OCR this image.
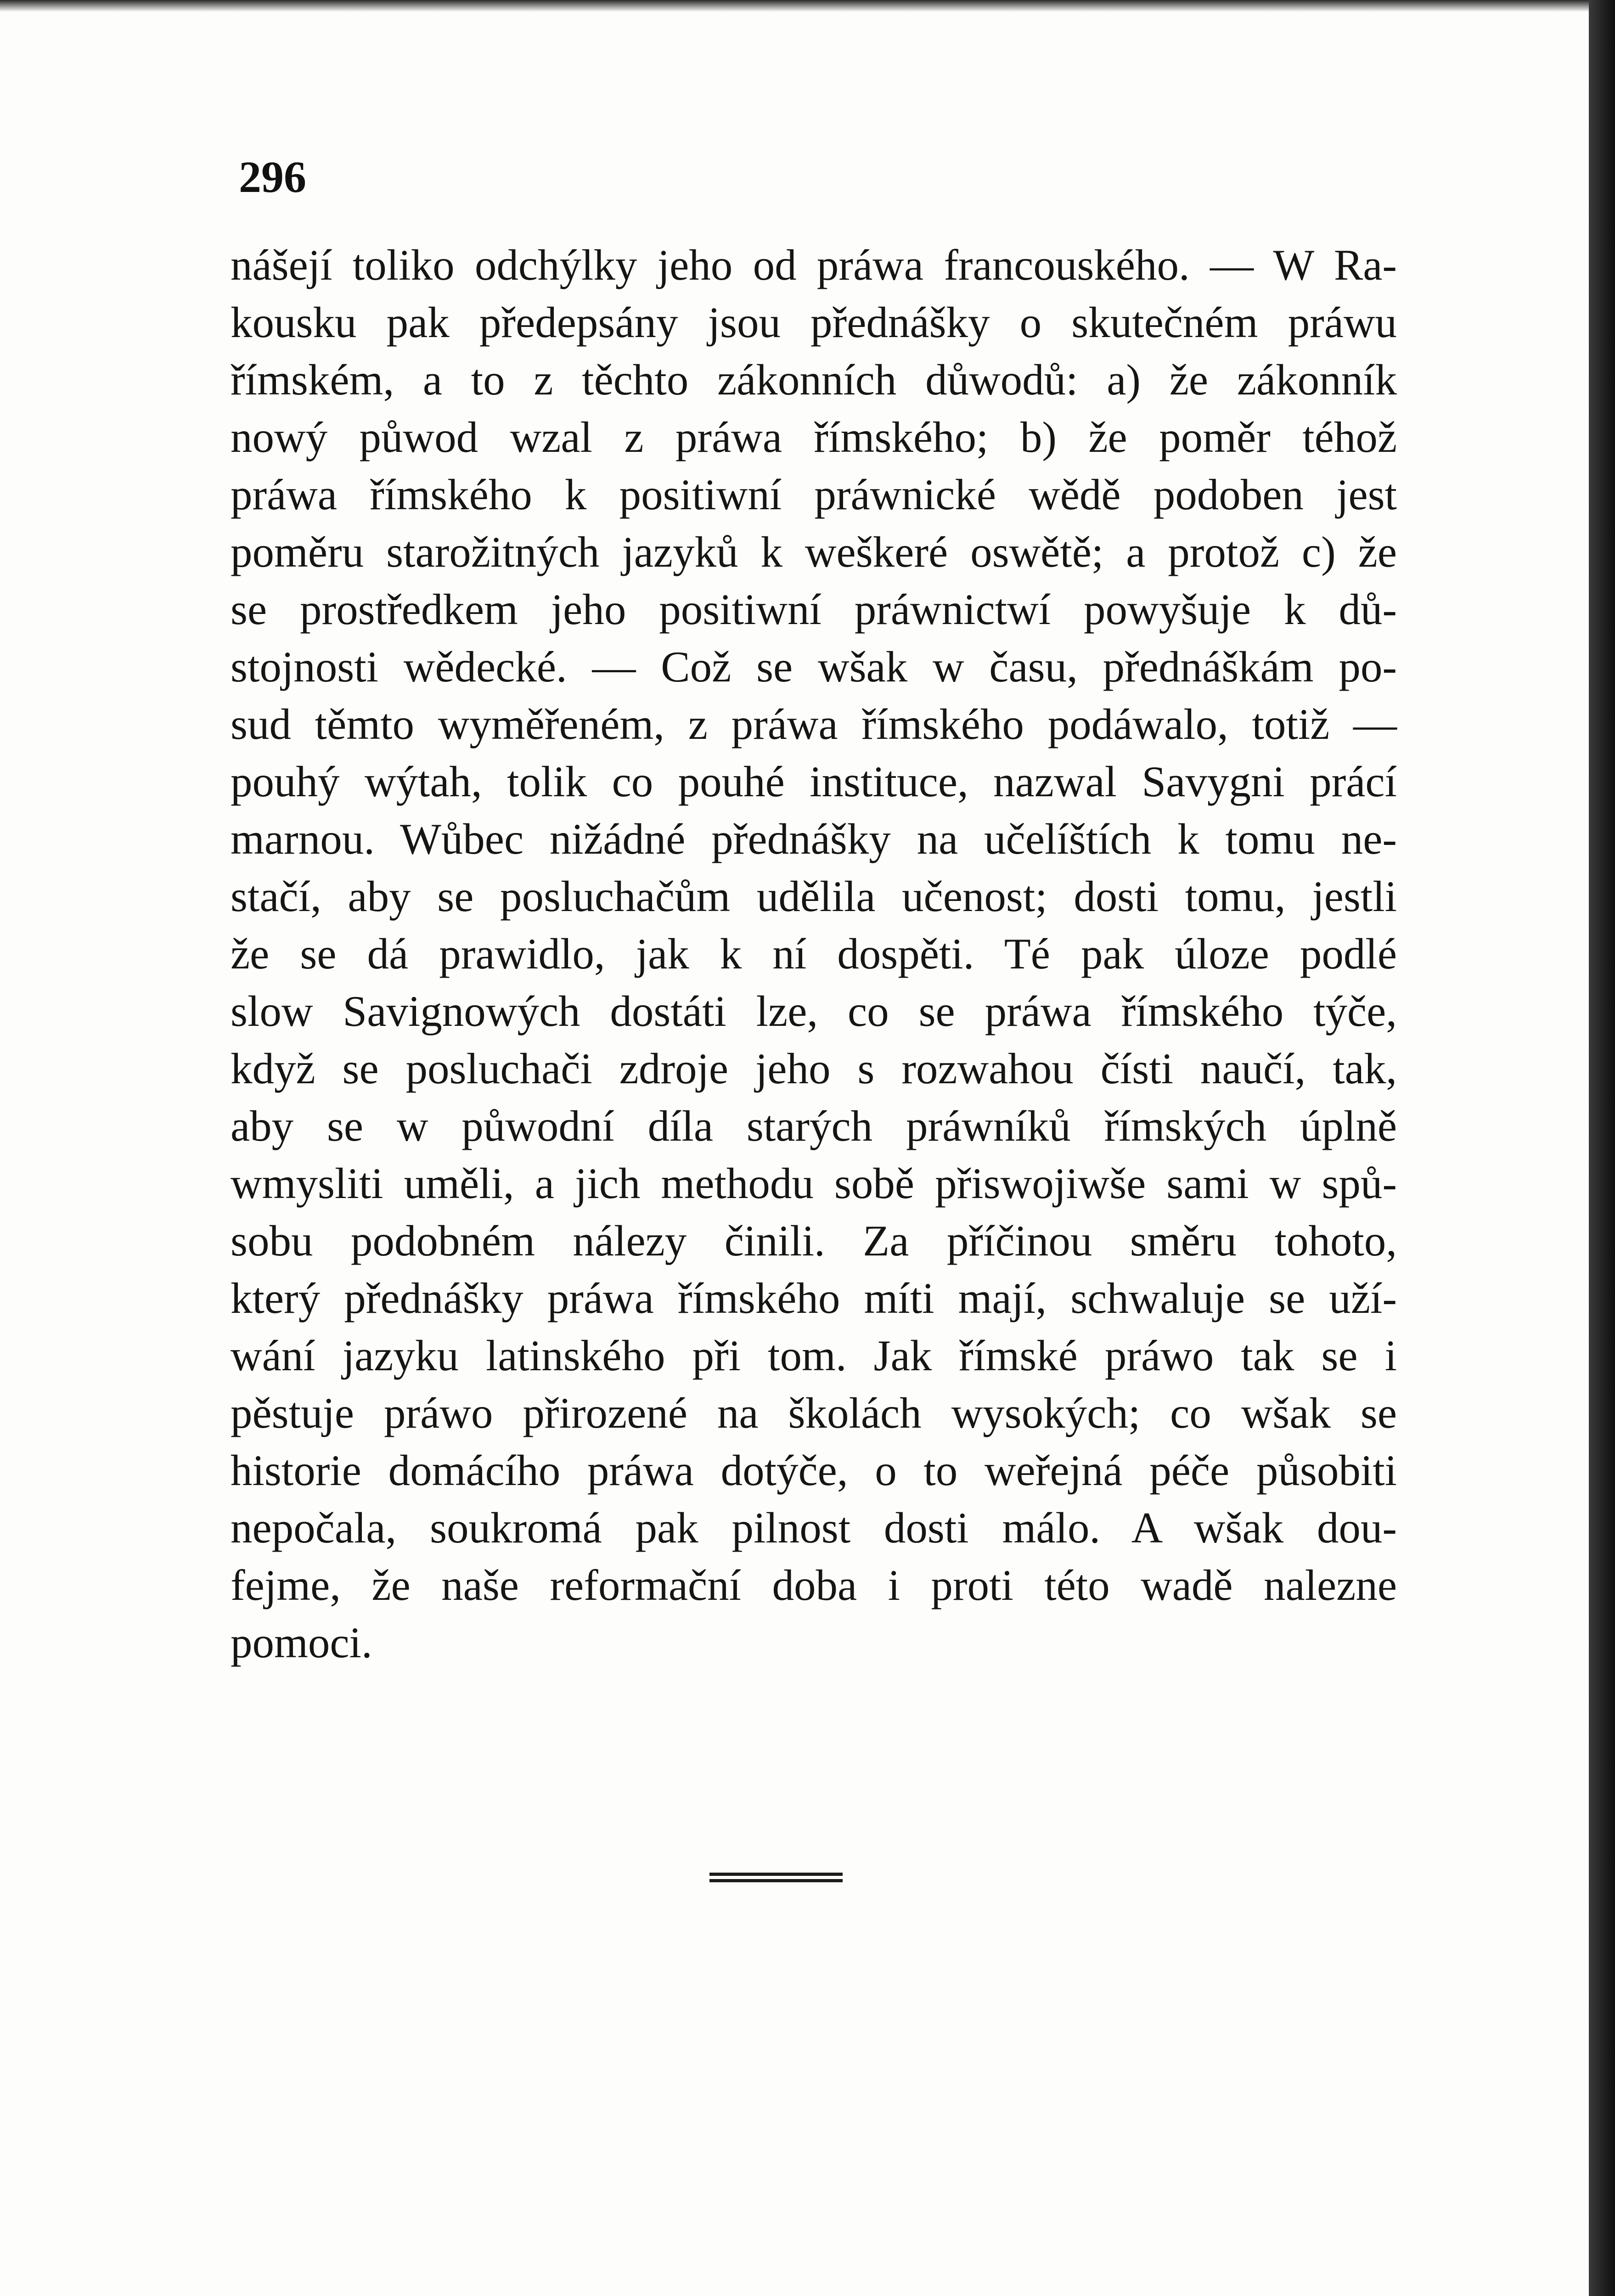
296

nášejí toliko odchýlky jeho od práwa francouského. — W Ra-
kousku pak předepsány jsou přednášky o skutečném práwu
římském, a to z těchto zákonních důwodů: a) že zákonník
nowý půwod wzal z práwa římského; b) že poměr téhož
práwa římského k positiwní práwnické wědě podoben jest
poměru starožitných jazyků k weškeré oswětě; a protož c) že
se prostředkem jeho positiwní práwnictwí powyšuje k dů-
stojnosti wědecké. — Což se wšak w času, přednáškám po-
sud těmto wyměřeném, z práwa římského podáwalo, totiž —
pouhý wýtah, tolik co pouhé instituce, nazwal Savygni prácí
marnou. Wůbec nižádné přednášky na učelíštích k tomu ne-
stačí, aby se posluchačům udělila učenost; dosti tomu, jestli
že se dá prawidlo, jak k ní dospěti. Té pak úloze podlé
slow Savignowých dostáti lze, co se práwa římského týče,
když se posluchači zdroje jeho s rozwahou čísti naučí, tak,
aby se w půwodní díla starých práwníků římských úplně
wmysliti uměli, a jich methodu sobě přiswojiwše sami w spů-
sobu podobném nálezy činili. Za příčinou směru tohoto,
který přednášky práwa římského míti mají, schwaluje se uží-
wání jazyku latinského při tom. Jak římské práwo tak se i
pěstuje práwo přirozené na školách wysokých; co wšak se
historie domácího práwa dotýče, o to weřejná péče působiti
nepočala, soukromá pak pilnost dosti málo. A wšak dou-
fejme, že naše reformační doba i proti této wadě nalezne
pomoci.
